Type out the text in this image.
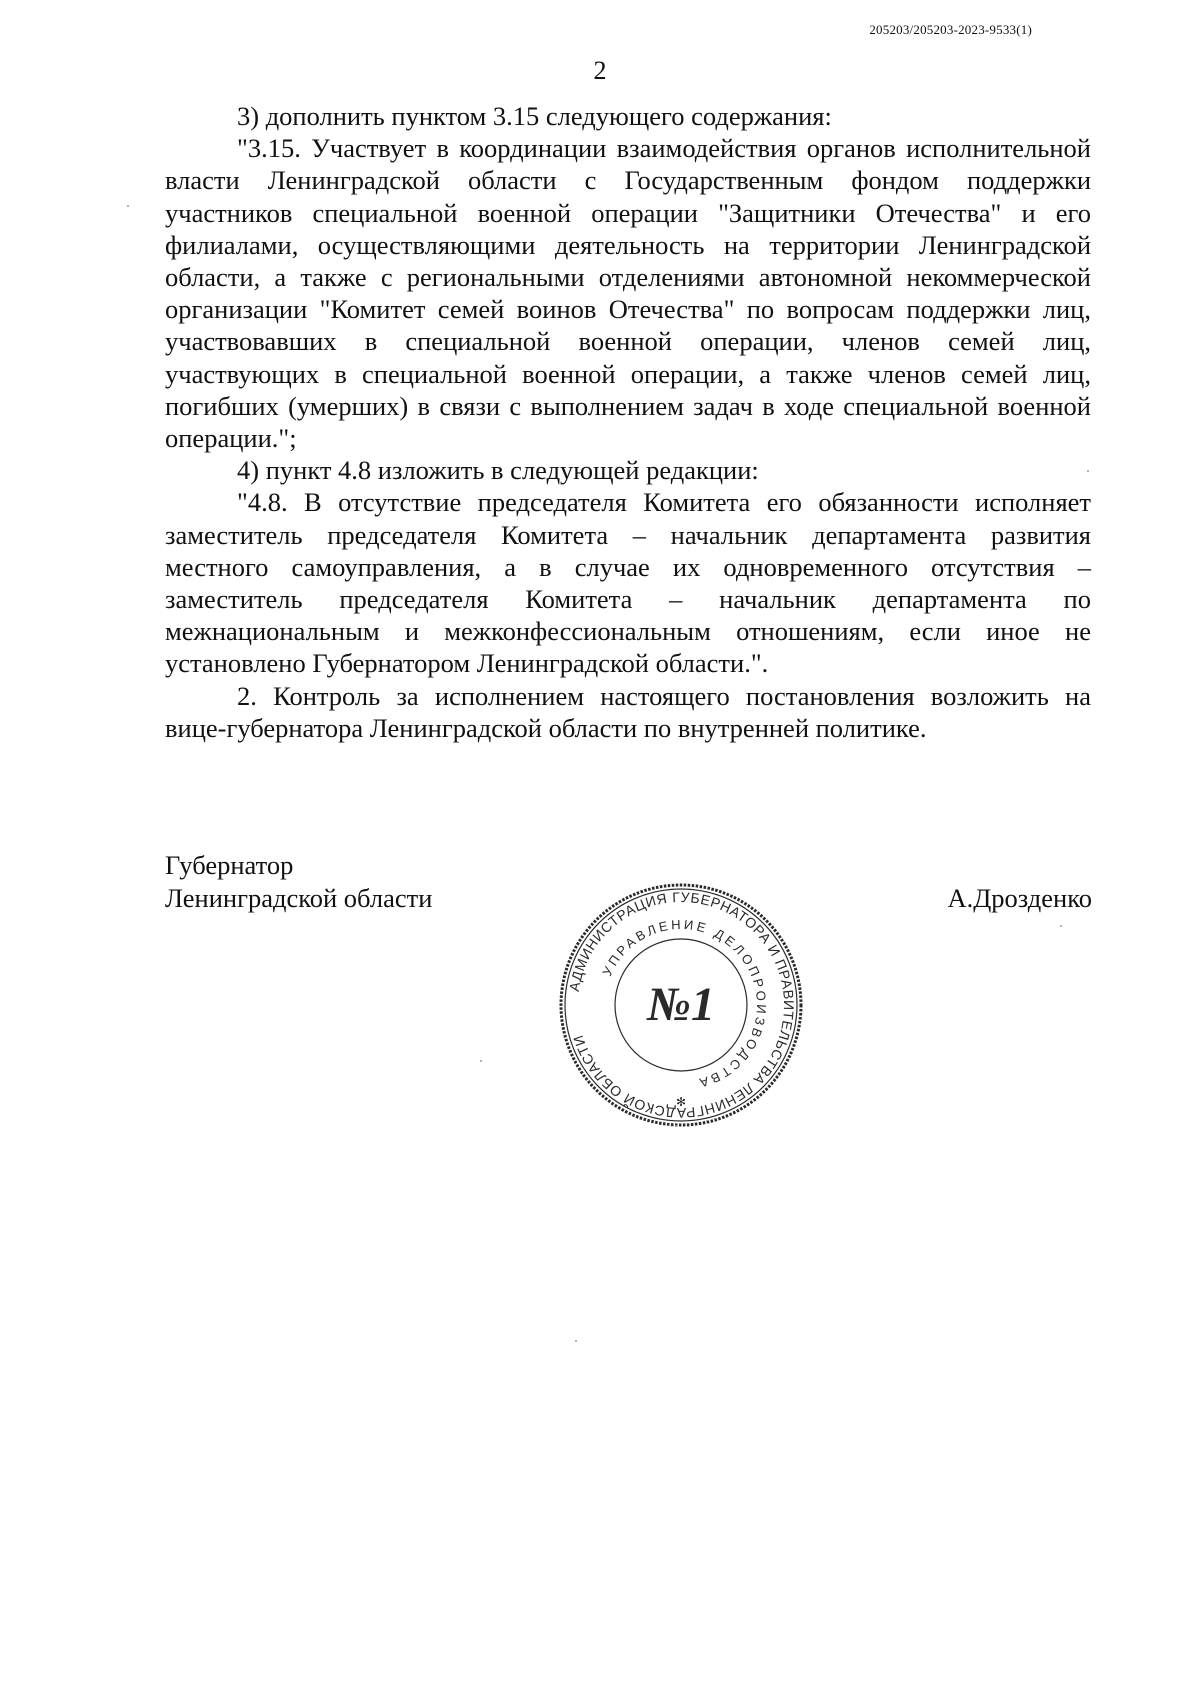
205203/205203-2023-9533(1)
2

3) дополнить пунктом 3.15 следующего содержания:

"3.15. Участвует в координации взаимодействия органов исполнительной власти Ленинградской области с Государственным фондом поддержки участников специальной военной операции "Защитники Отечества" и его филиалами, осуществляющими деятельность на территории Ленинградской области, а также с региональными отделениями автономной некоммерческой организации "Комитет семей воинов Отечества" по вопросам поддержки лиц, участвовавших в специальной военной операции, членов семей лиц, участвующих в специальной военной операции, а также членов семей лиц, погибших (умерших) в связи с выполнением задач в ходе специальной военной операции.";

4) пункт 4.8 изложить в следующей редакции:

"4.8. В отсутствие председателя Комитета его обязанности исполняет заместитель председателя Комитета – начальник департамента развития местного самоуправления, а в случае их одновременного отсутствия – заместитель председателя Комитета – начальник департамента по межнациональным и межконфессиональным отношениям, если иное не установлено Губернатором Ленинградской области.".

2. Контроль за исполнением настоящего постановления возложить на вице-губернатора Ленинградской области по внутренней политике.

Губернатор
Ленинградской области	А.Дрозденко
АДМИНИСТРАЦИЯ ГУБЕРНАТОРА И ПРАВИТЕЛЬСТВА ЛЕНИНГРАДСКОЙ ОБЛАСТИ
УПРАВЛЕНИЕ ДЕЛОПРОИЗВОДСТВА
№1
✻
